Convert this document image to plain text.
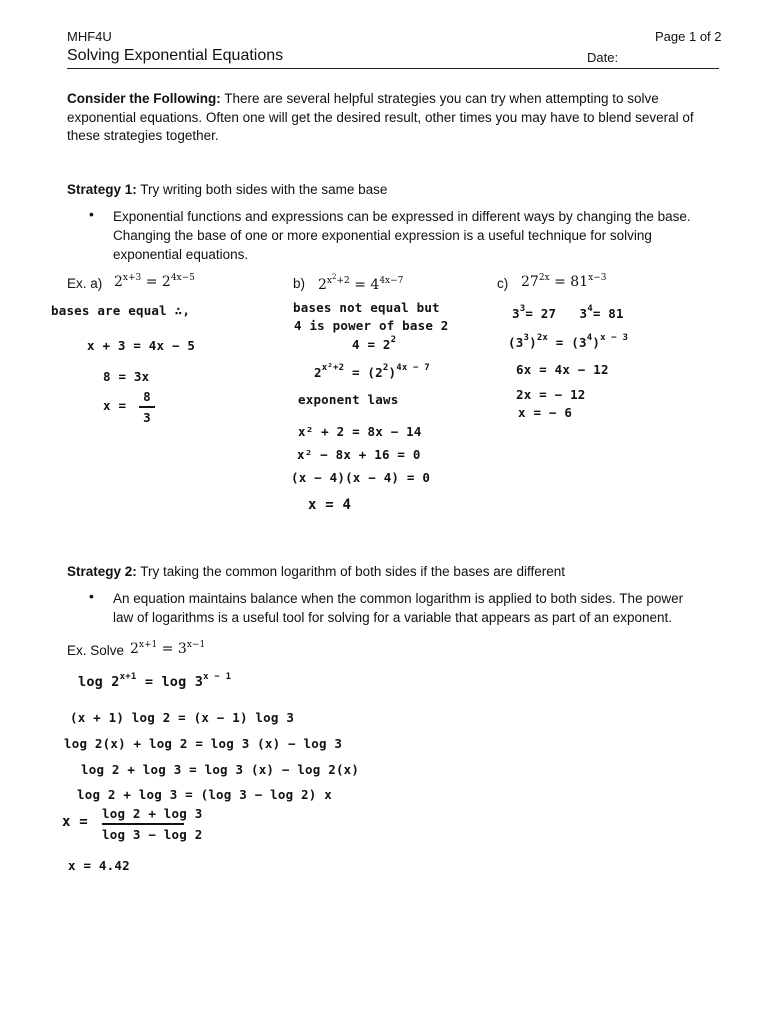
MHF4U	Page 1 of 2
Solving Exponential Equations	Date:
Consider the Following: There are several helpful strategies you can try when attempting to solve
exponential equations. Often one will get the desired result, other times you may have to blend several of
these strategies together.
Strategy 1: Try writing both sides with the same base
• Exponential functions and expressions can be expressed in different ways by changing the base.
Changing the base of one or more exponential expression is a useful technique for solving
exponential equations.
Ex. a) $2^{x+3} = 2^{4x-5}$
bases are equal ∴,
x + 3 = 4x − 5
8 = 3x
x =
8
3
b) $2^{x^2+2} = 4^{4x-7}$
bases not equal but
4 is power of base 2
$4 = 2^2$
$2^{x^2+2} = (2^2)^{4x - 7}$
exponent laws
x² + 2 = 8x − 14
x² − 8x + 16 = 0
(x − 4)(x − 4) = 0
x = 4
c) $27^{2x} = 81^{x-3}$
$3^3= 27$ $3^4= 81$
$(3^3)^{2x} = (3^4)^{x - 3}$
6x = 4x − 12
2x = − 12
x = − 6
Strategy 2: Try taking the common logarithm of both sides if the bases are different
• An equation maintains balance when the common logarithm is applied to both sides. The power
law of logarithms is a useful tool for solving for a variable that appears as part of an exponent.
Ex. Solve $2^{x+1} = 3^{x-1}$
$\log 2^{x+1} = \log 3^{x - 1}$
(x + 1) log 2 = (x − 1) log 3
log 2(x) + log 2 = log 3 (x) − log 3
log 2 + log 3 = log 3 (x) − log 2(x)
log 2 + log 3 = (log 3 − log 2) x
x =
log 2 + log 3
log 3 − log 2
x = 4.42
